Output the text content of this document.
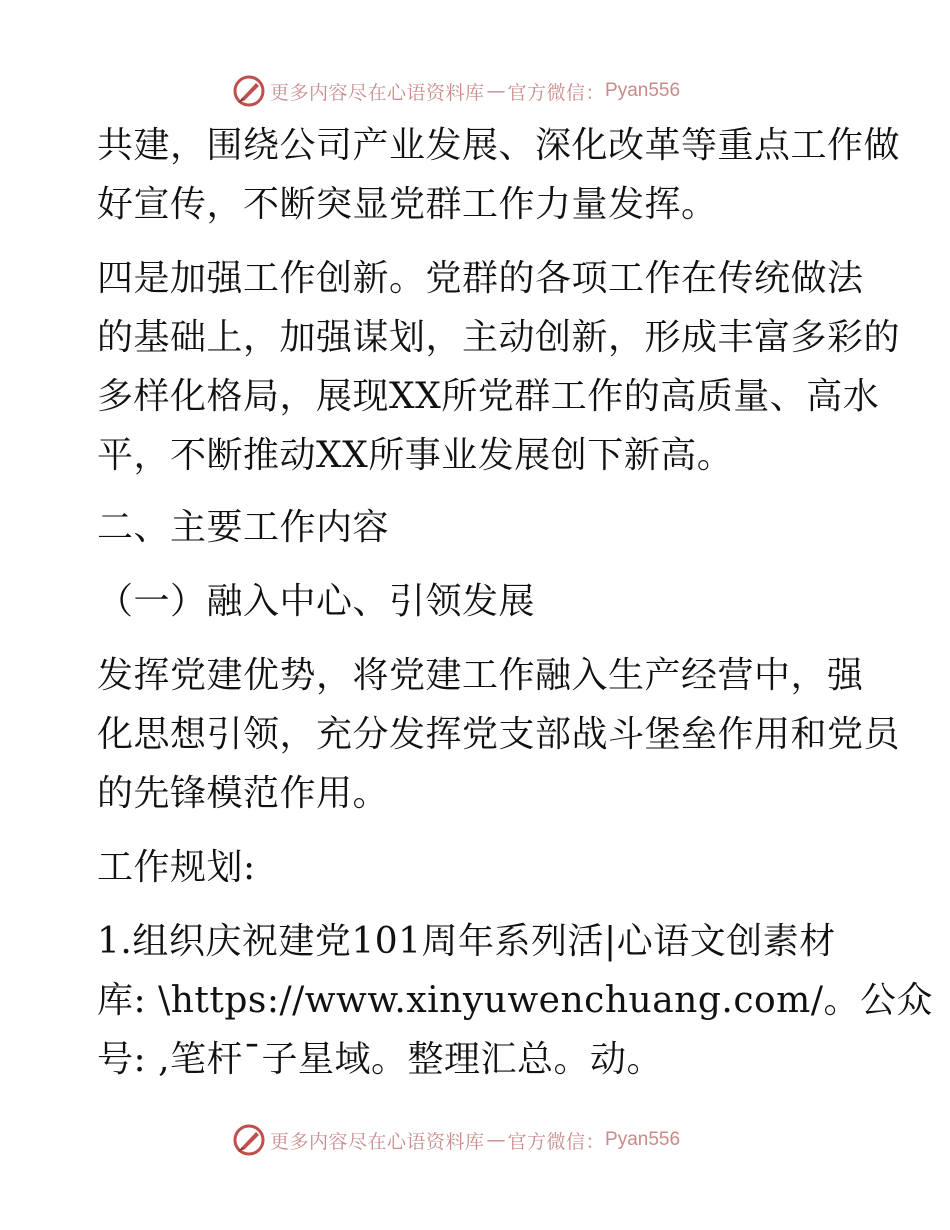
更多内容尽在心语资料库 — 官方微信： Pyan556
共建，围绕公司产业发展、深化改革等重点工作做
好宣传，不断突显党群工作力量发挥。
四是加强工作创新。党群的各项工作在传统做法
的基础上，加强谋划，主动创新，形成丰富多彩的
多样化格局，展现XX所党群工作的高质量、高水
平，不断推动XX所事业发展创下新高。
二、主要工作内容
（一）融入中心、引领发展
发挥党建优势，将党建工作融入生产经营中，强
化思想引领，充分发挥党支部战斗堡垒作用和党员
的先锋模范作用。
工作规划:
1.组织庆祝建党101周年系列活|心语文创素材
库: \https://www.xinyuwenchuang.com/。公众
号: ,笔杆¯子星域。整理汇总。动。
更多内容尽在心语资料库 — 官方微信： Pyan556
